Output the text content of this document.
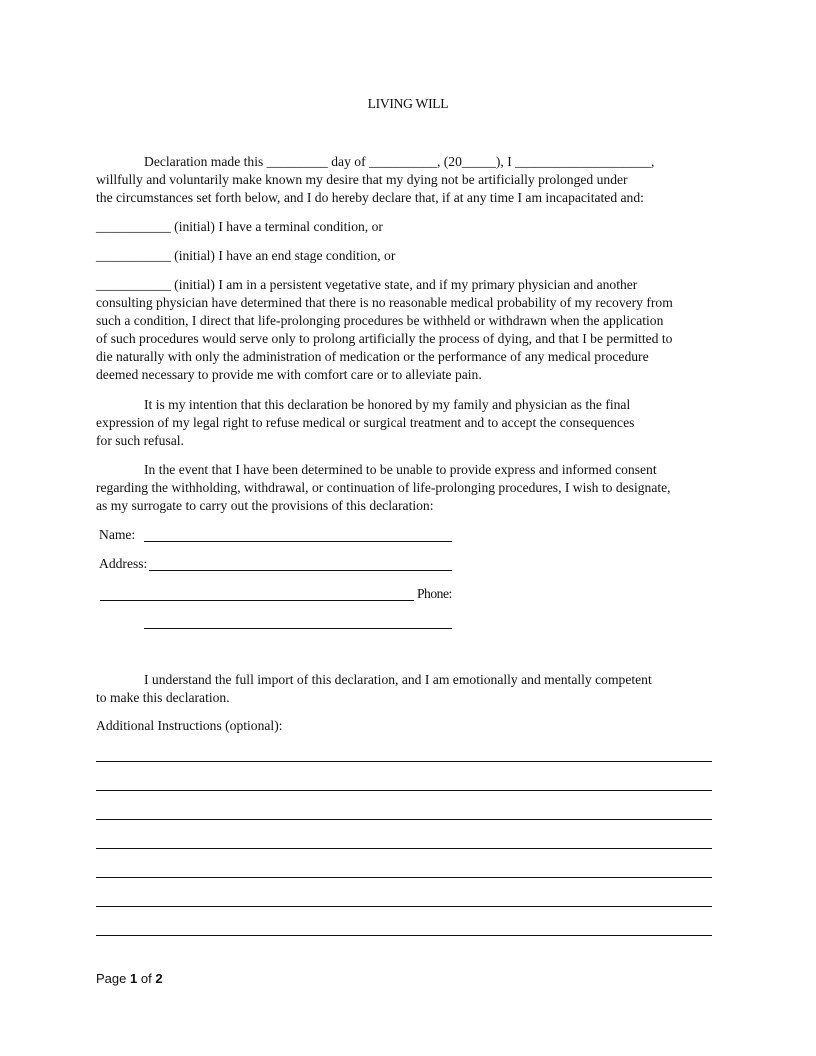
LIVING WILL
Declaration made this _________ day of __________, (20_____), I ____________________,
willfully and voluntarily make known my desire that my dying not be artificially prolonged under
the circumstances set forth below, and I do hereby declare that, if at any time I am incapacitated and:
___________ (initial) I have a terminal condition, or
___________ (initial) I have an end stage condition, or
___________ (initial) I am in a persistent vegetative state, and if my primary physician and another
consulting physician have determined that there is no reasonable medical probability of my recovery from
such a condition, I direct that life-prolonging procedures be withheld or withdrawn when the application
of such procedures would serve only to prolong artificially the process of dying, and that I be permitted to
die naturally with only the administration of medication or the performance of any medical procedure
deemed necessary to provide me with comfort care or to alleviate pain.
It is my intention that this declaration be honored by my family and physician as the final
expression of my legal right to refuse medical or surgical treatment and to accept the consequences
for such refusal.
In the event that I have been determined to be unable to provide express and informed consent
regarding the withholding, withdrawal, or continuation of life-prolonging procedures, I wish to designate,
as my surrogate to carry out the provisions of this declaration:
Name:
Address:
Phone:
I understand the full import of this declaration, and I am emotionally and mentally competent
to make this declaration.
Additional Instructions (optional):
Page 1 of 2
